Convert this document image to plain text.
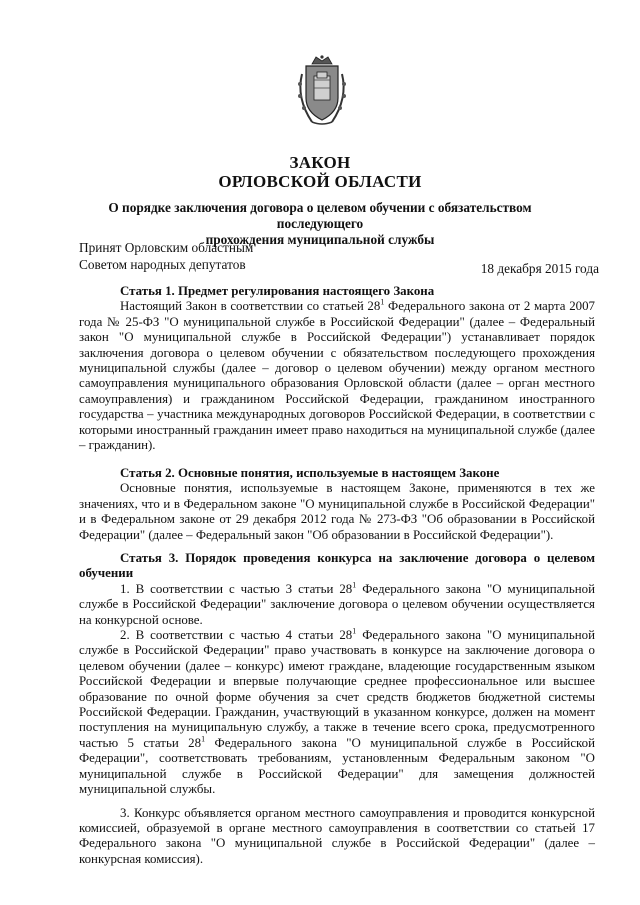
ЗАКОН
ОРЛОВСКОЙ ОБЛАСТИ
О порядке заключения договора о целевом обучении с обязательством последующего
прохождения муниципальной службы
Принят Орловским областным
Советом народных депутатов	18 декабря 2015 года
Статья 1. Предмет регулирования настоящего Закона

Настоящий Закон в соответствии со статьей $28^1$ Федерального закона от 2 марта 2007 года № 25-ФЗ "О муниципальной службе в Российской Федерации" (далее – Федеральный закон "О муниципальной службе в Российской Федерации") устанавливает порядок заключения договора о целевом обучении с обязательством последующего прохождения муниципальной службы (далее – договор о целевом обучении) между органом местного самоуправления муниципального образования Орловской области (далее – орган местного самоуправления) и гражданином Российской Федерации, гражданином иностранного государства – участника международных договоров Российской Федерации, в соответствии с которыми иностранный гражданин имеет право находиться на муниципальной службе (далее – гражданин).

Статья 2. Основные понятия, используемые в настоящем Законе

Основные понятия, используемые в настоящем Законе, применяются в тех же значениях, что и в Федеральном законе "О муниципальной службе в Российской Федерации" и в Федеральном законе от 29 декабря 2012 года № 273-ФЗ "Об образовании в Российской Федерации" (далее – Федеральный закон "Об образовании в Российской Федерации").

Статья 3. Порядок проведения конкурса на заключение договора о целевом обучении

1. В соответствии с частью 3 статьи $28^1$ Федерального закона "О муниципальной службе в Российской Федерации" заключение договора о целевом обучении осуществляется на конкурсной основе.

2. В соответствии с частью 4 статьи $28^1$ Федерального закона "О муниципальной службе в Российской Федерации" право участвовать в конкурсе на заключение договора о целевом обучении (далее – конкурс) имеют граждане, владеющие государственным языком Российской Федерации и впервые получающие среднее профессиональное или высшее образование по очной форме обучения за счет средств бюджетов бюджетной системы Российской Федерации. Гражданин, участвующий в указанном конкурсе, должен на момент поступления на муниципальную службу, а также в течение всего срока, предусмотренного частью 5 статьи $28^1$ Федерального закона "О муниципальной службе в Российской Федерации", соответствовать требованиям, установленным Федеральным законом "О муниципальной службе в Российской Федерации" для замещения должностей муниципальной службы.

3. Конкурс объявляется органом местного самоуправления и проводится конкурсной комиссией, образуемой в органе местного самоуправления в соответствии со статьей 17 Федерального закона "О муниципальной службе в Российской Федерации" (далее – конкурсная комиссия).
